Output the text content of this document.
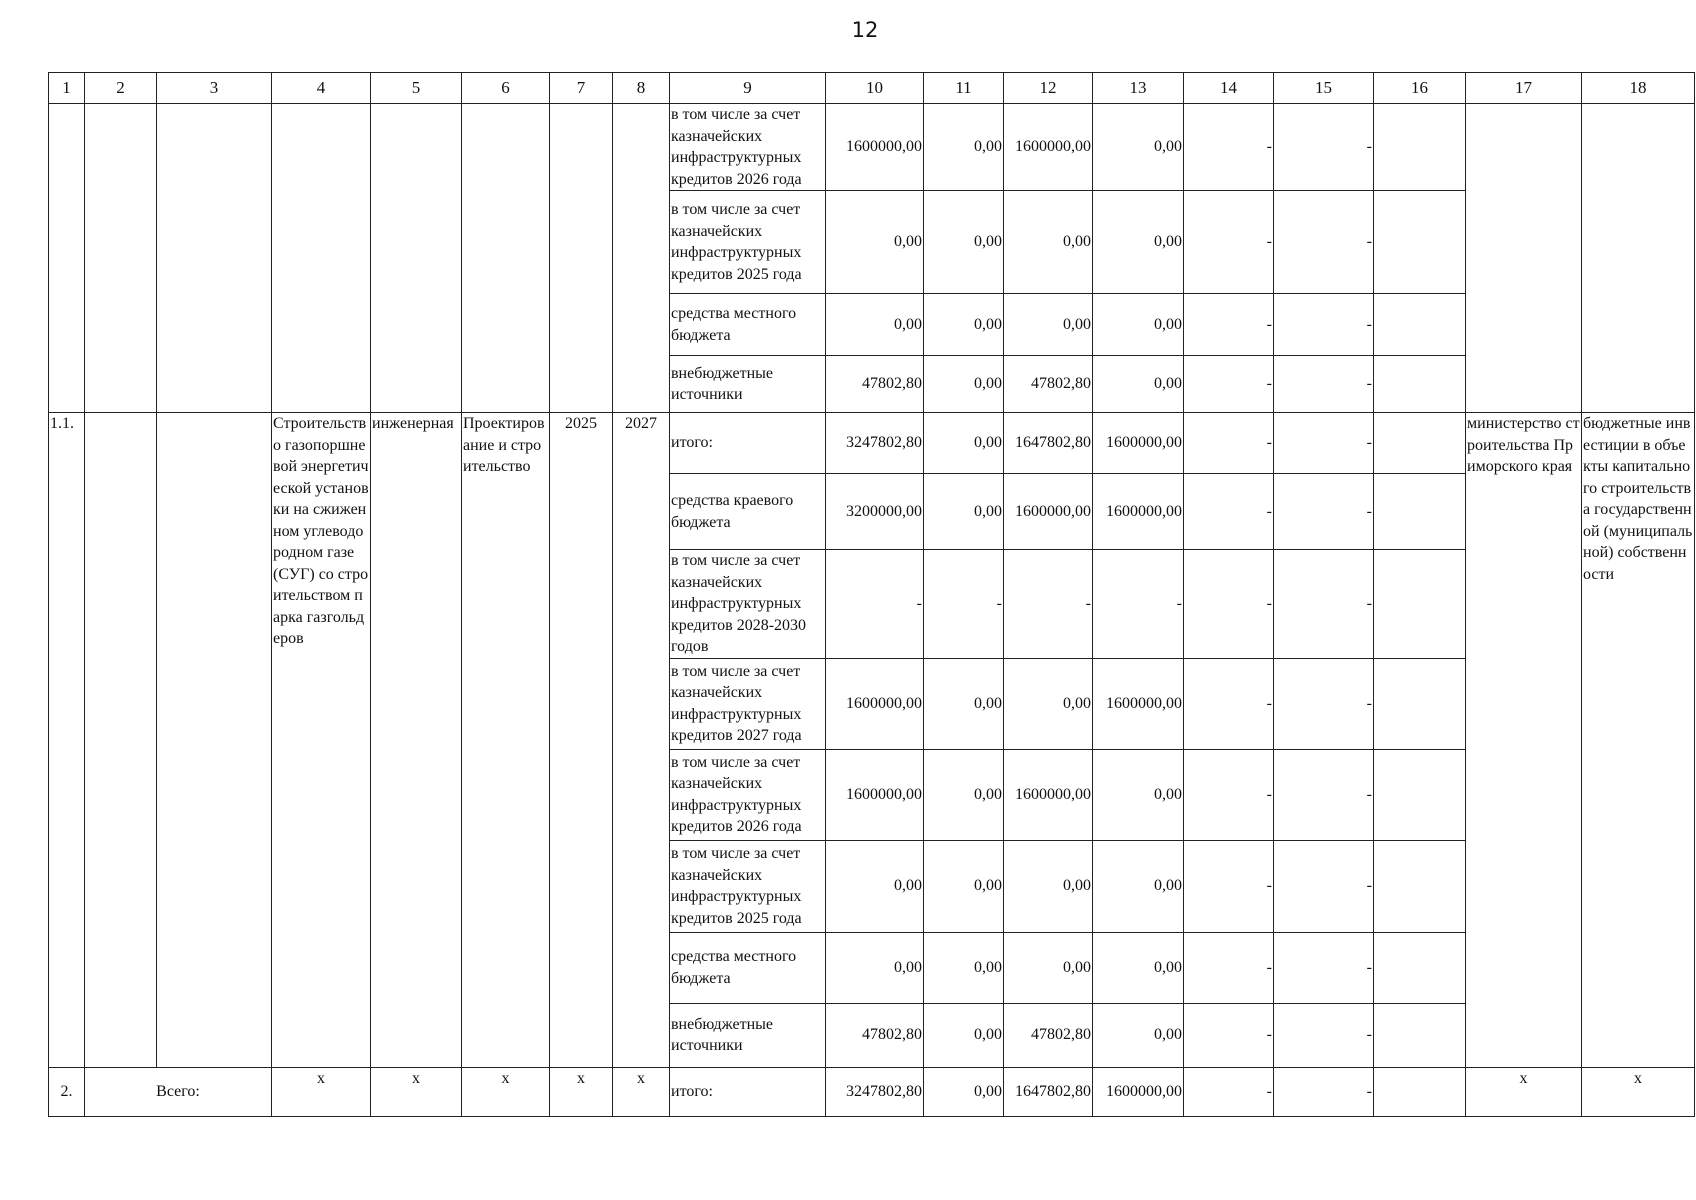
12
1	2	3	4	5	6	7	8	9	10	11	12	13	14	15	16	17	18
								в том числе за счет казначейских инфраструктурных кредитов 2026 года	1600000,00	0,00	1600000,00	0,00	-	-			
								в том числе за счет казначейских инфраструктурных кредитов 2025 года	0,00	0,00	0,00	0,00	-	-			
								средства местного бюджета	0,00	0,00	0,00	0,00	-	-			
								внебюджетные источники	47802,80	0,00	47802,80	0,00	-	-			
1.1.			Строительство газопоршневой энергетической установки на сжиженном углеводородном газе (СУГ) со строительством парка газгольдеров	инженерная	Проектирование и строительство	2025	2027	итого:	3247802,80	0,00	1647802,80	1600000,00	-	-		министерство строительства Приморского края	бюджетные инвестиции в объекты капитального строительства государственной (муниципальной) собственности
								средства краевого бюджета	3200000,00	0,00	1600000,00	1600000,00	-	-			
								в том числе за счет казначейских инфраструктурных кредитов 2028-2030 годов	-	-	-	-	-	-			
								в том числе за счет казначейских инфраструктурных кредитов 2027 года	1600000,00	0,00	0,00	1600000,00	-	-			
								в том числе за счет казначейских инфраструктурных кредитов 2026 года	1600000,00	0,00	1600000,00	0,00	-	-			
								в том числе за счет казначейских инфраструктурных кредитов 2025 года	0,00	0,00	0,00	0,00	-	-			
								средства местного бюджета	0,00	0,00	0,00	0,00	-	-			
								внебюджетные источники	47802,80	0,00	47802,80	0,00	-	-			
2.	Всего:		х	х	х	х	х	итого:	3247802,80	0,00	1647802,80	1600000,00	-	-		х	х
